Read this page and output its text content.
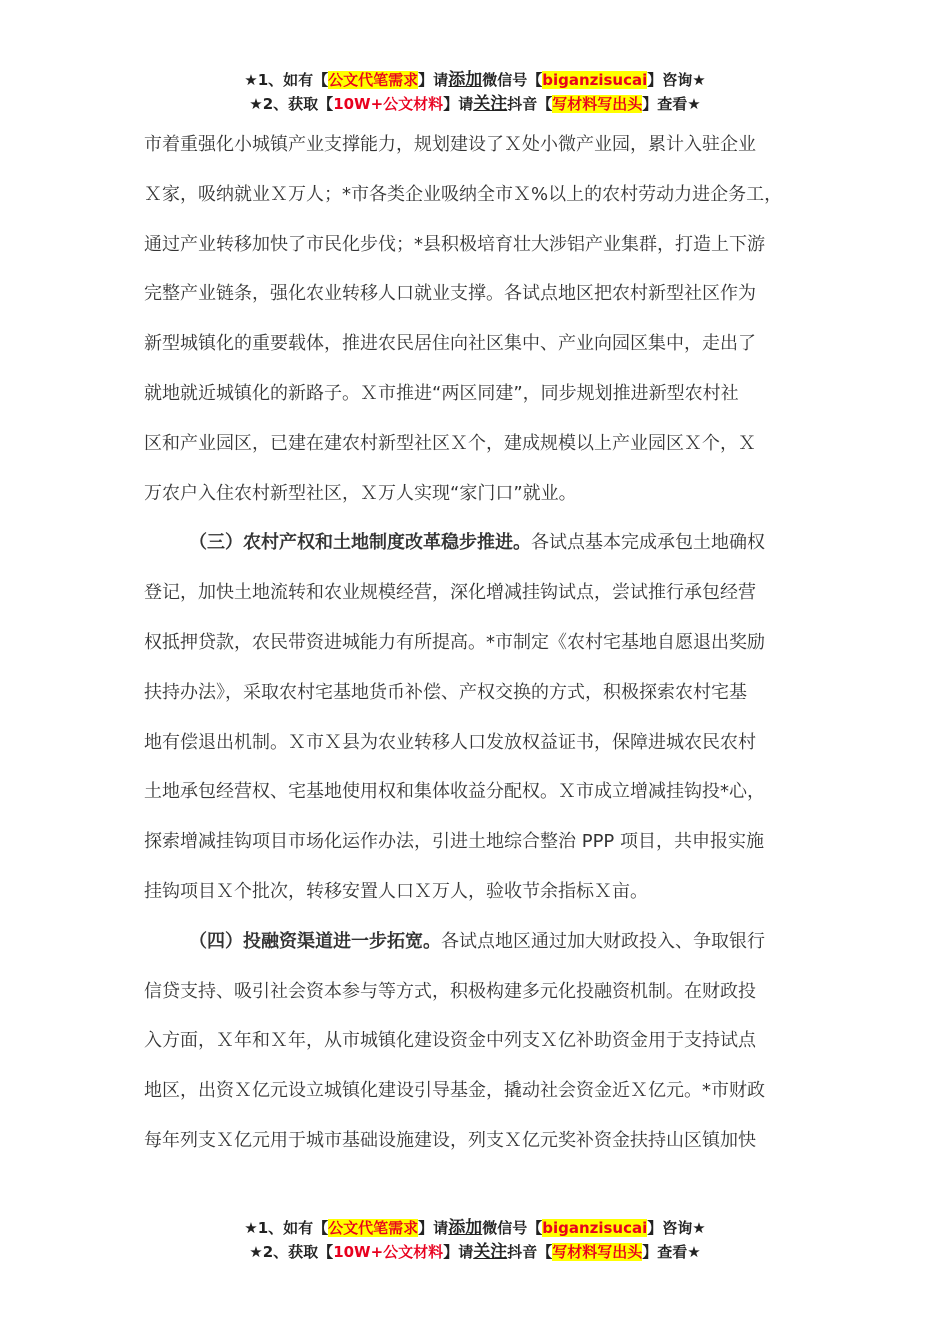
★1、如有【公文代笔需求】请添加微信号【biganzisucai】咨询★
★2、获取【10W+公文材料】请关注抖音【写材料写出头】查看★
市着重强化小城镇产业支撑能力，规划建设了Ｘ处小微产业园，累计入驻企业
Ｘ家，吸纳就业Ｘ万人；*市各类企业吸纳全市Ｘ%以上的农村劳动力进企务工，
通过产业转移加快了市民化步伐；*县积极培育壮大涉铝产业集群，打造上下游
完整产业链条，强化农业转移人口就业支撑。各试点地区把农村新型社区作为
新型城镇化的重要载体，推进农民居住向社区集中、产业向园区集中，走出了
就地就近城镇化的新路子。Ｘ市推进“两区同建”，同步规划推进新型农村社
区和产业园区，已建在建农村新型社区Ｘ个，建成规模以上产业园区Ｘ个，Ｘ
万农户入住农村新型社区，Ｘ万人实现“家门口”就业。
（三）农村产权和土地制度改革稳步推进。各试点基本完成承包土地确权
登记，加快土地流转和农业规模经营，深化增减挂钩试点，尝试推行承包经营
权抵押贷款，农民带资进城能力有所提高。*市制定《农村宅基地自愿退出奖励
扶持办法》，采取农村宅基地货币补偿、产权交换的方式，积极探索农村宅基
地有偿退出机制。Ｘ市Ｘ县为农业转移人口发放权益证书，保障进城农民农村
土地承包经营权、宅基地使用权和集体收益分配权。Ｘ市成立增减挂钩投*心，
探索增减挂钩项目市场化运作办法，引进土地综合整治 PPP 项目，共申报实施
挂钩项目Ｘ个批次，转移安置人口Ｘ万人，验收节余指标Ｘ亩。
（四）投融资渠道进一步拓宽。各试点地区通过加大财政投入、争取银行
信贷支持、吸引社会资本参与等方式，积极构建多元化投融资机制。在财政投
入方面，Ｘ年和Ｘ年，从市城镇化建设资金中列支Ｘ亿补助资金用于支持试点
地区，出资Ｘ亿元设立城镇化建设引导基金，撬动社会资金近Ｘ亿元。*市财政
每年列支Ｘ亿元用于城市基础设施建设，列支Ｘ亿元奖补资金扶持山区镇加快
★1、如有【公文代笔需求】请添加微信号【biganzisucai】咨询★
★2、获取【10W+公文材料】请关注抖音【写材料写出头】查看★
